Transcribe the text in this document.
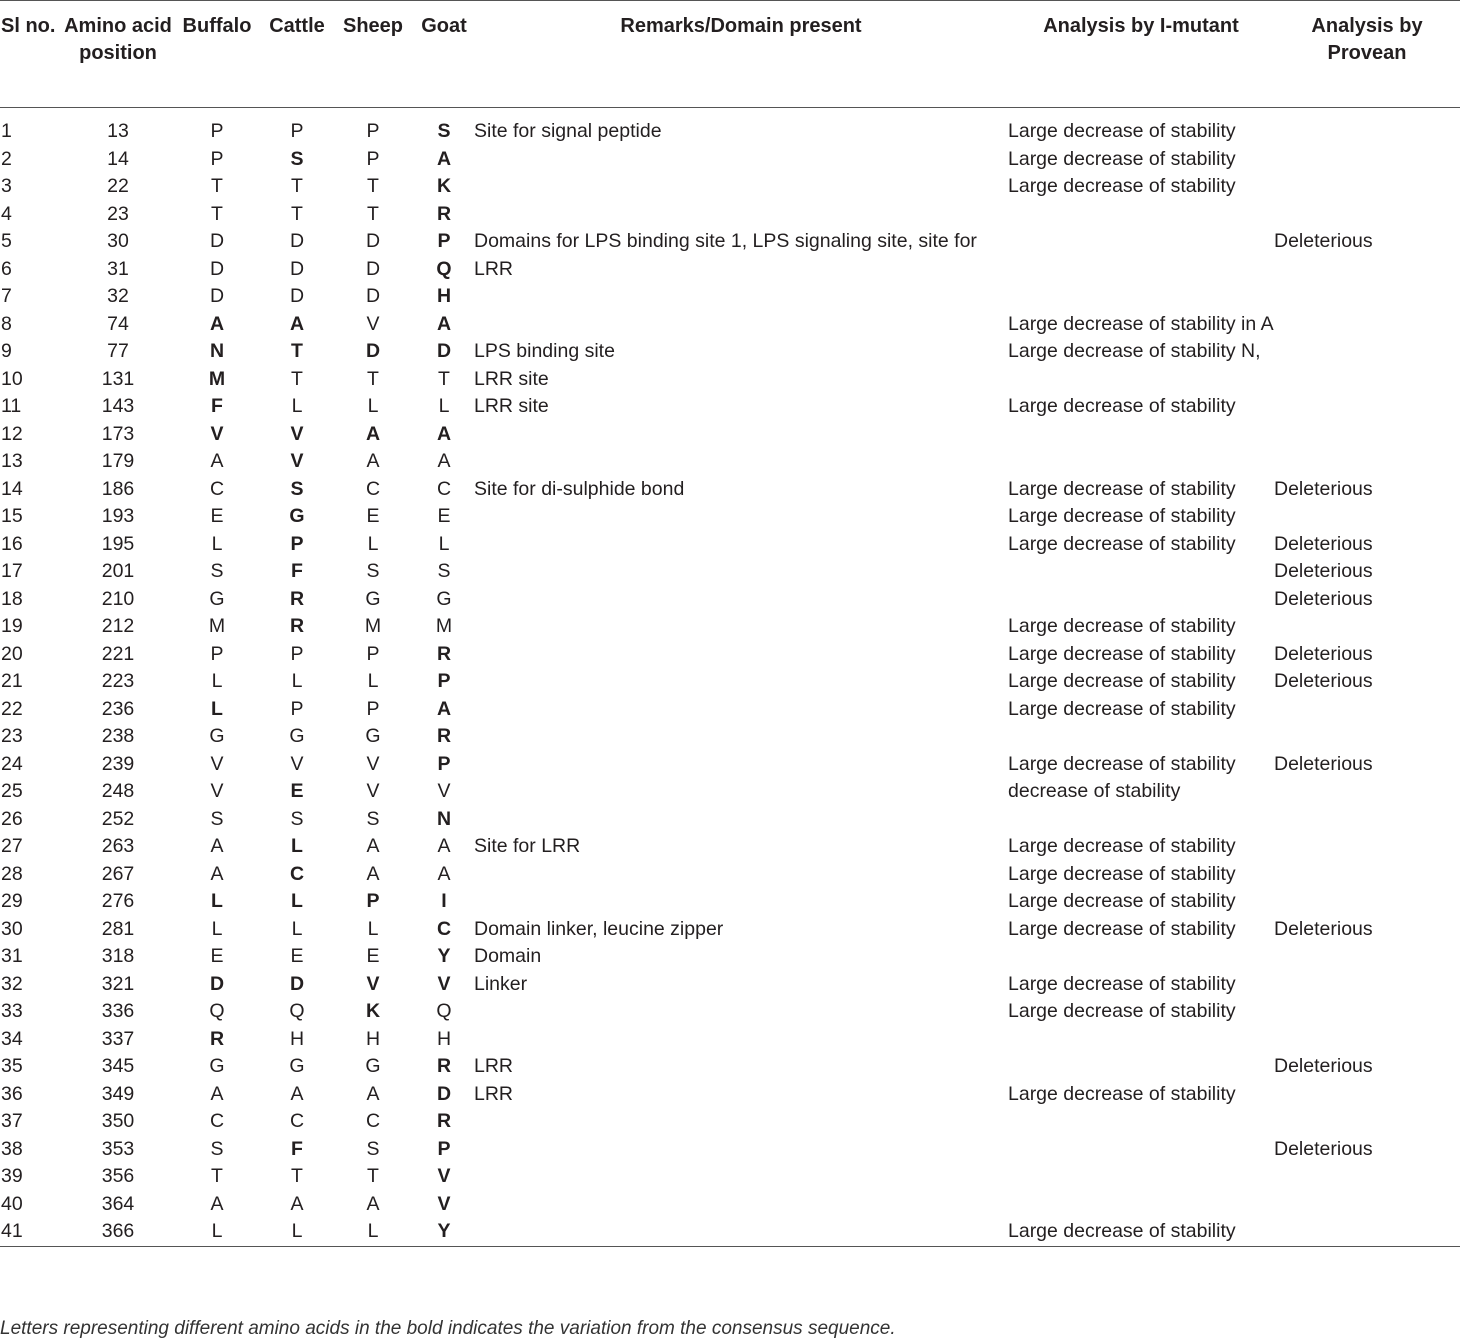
Sl no.	Amino acid position	Buffalo	Cattle	Sheep	Goat	Remarks/Domain present	Analysis by I-mutant	Analysis by Provean
1	13	P	P	P	S	Site for signal peptide	Large decrease of stability	
2	14	P	S	P	A		Large decrease of stability	
3	22	T	T	T	K		Large decrease of stability	
4	23	T	T	T	R			
5	30	D	D	D	P	Domains for LPS binding site 1, LPS signaling site, site for		Deleterious
6	31	D	D	D	Q	LRR		
7	32	D	D	D	H			
8	74	A	A	V	A		Large decrease of stability in A	
9	77	N	T	D	D	LPS binding site	Large decrease of stability N,	
10	131	M	T	T	T	LRR site		
11	143	F	L	L	L	LRR site	Large decrease of stability	
12	173	V	V	A	A			
13	179	A	V	A	A			
14	186	C	S	C	C	Site for di-sulphide bond	Large decrease of stability	Deleterious
15	193	E	G	E	E		Large decrease of stability	
16	195	L	P	L	L		Large decrease of stability	Deleterious
17	201	S	F	S	S			Deleterious
18	210	G	R	G	G			Deleterious
19	212	M	R	M	M		Large decrease of stability	
20	221	P	P	P	R		Large decrease of stability	Deleterious
21	223	L	L	L	P		Large decrease of stability	Deleterious
22	236	L	P	P	A		Large decrease of stability	
23	238	G	G	G	R			
24	239	V	V	V	P		Large decrease of stability	Deleterious
25	248	V	E	V	V		decrease of stability	
26	252	S	S	S	N			
27	263	A	L	A	A	Site for LRR	Large decrease of stability	
28	267	A	C	A	A		Large decrease of stability	
29	276	L	L	P	I		Large decrease of stability	
30	281	L	L	L	C	Domain linker, leucine zipper	Large decrease of stability	Deleterious
31	318	E	E	E	Y	Domain		
32	321	D	D	V	V	Linker	Large decrease of stability	
33	336	Q	Q	K	Q		Large decrease of stability	
34	337	R	H	H	H			
35	345	G	G	G	R	LRR		Deleterious
36	349	A	A	A	D	LRR	Large decrease of stability	
37	350	C	C	C	R			
38	353	S	F	S	P			Deleterious
39	356	T	T	T	V			
40	364	A	A	A	V			
41	366	L	L	L	Y		Large decrease of stability	
Letters representing different amino acids in the bold indicates the variation from the consensus sequence.
